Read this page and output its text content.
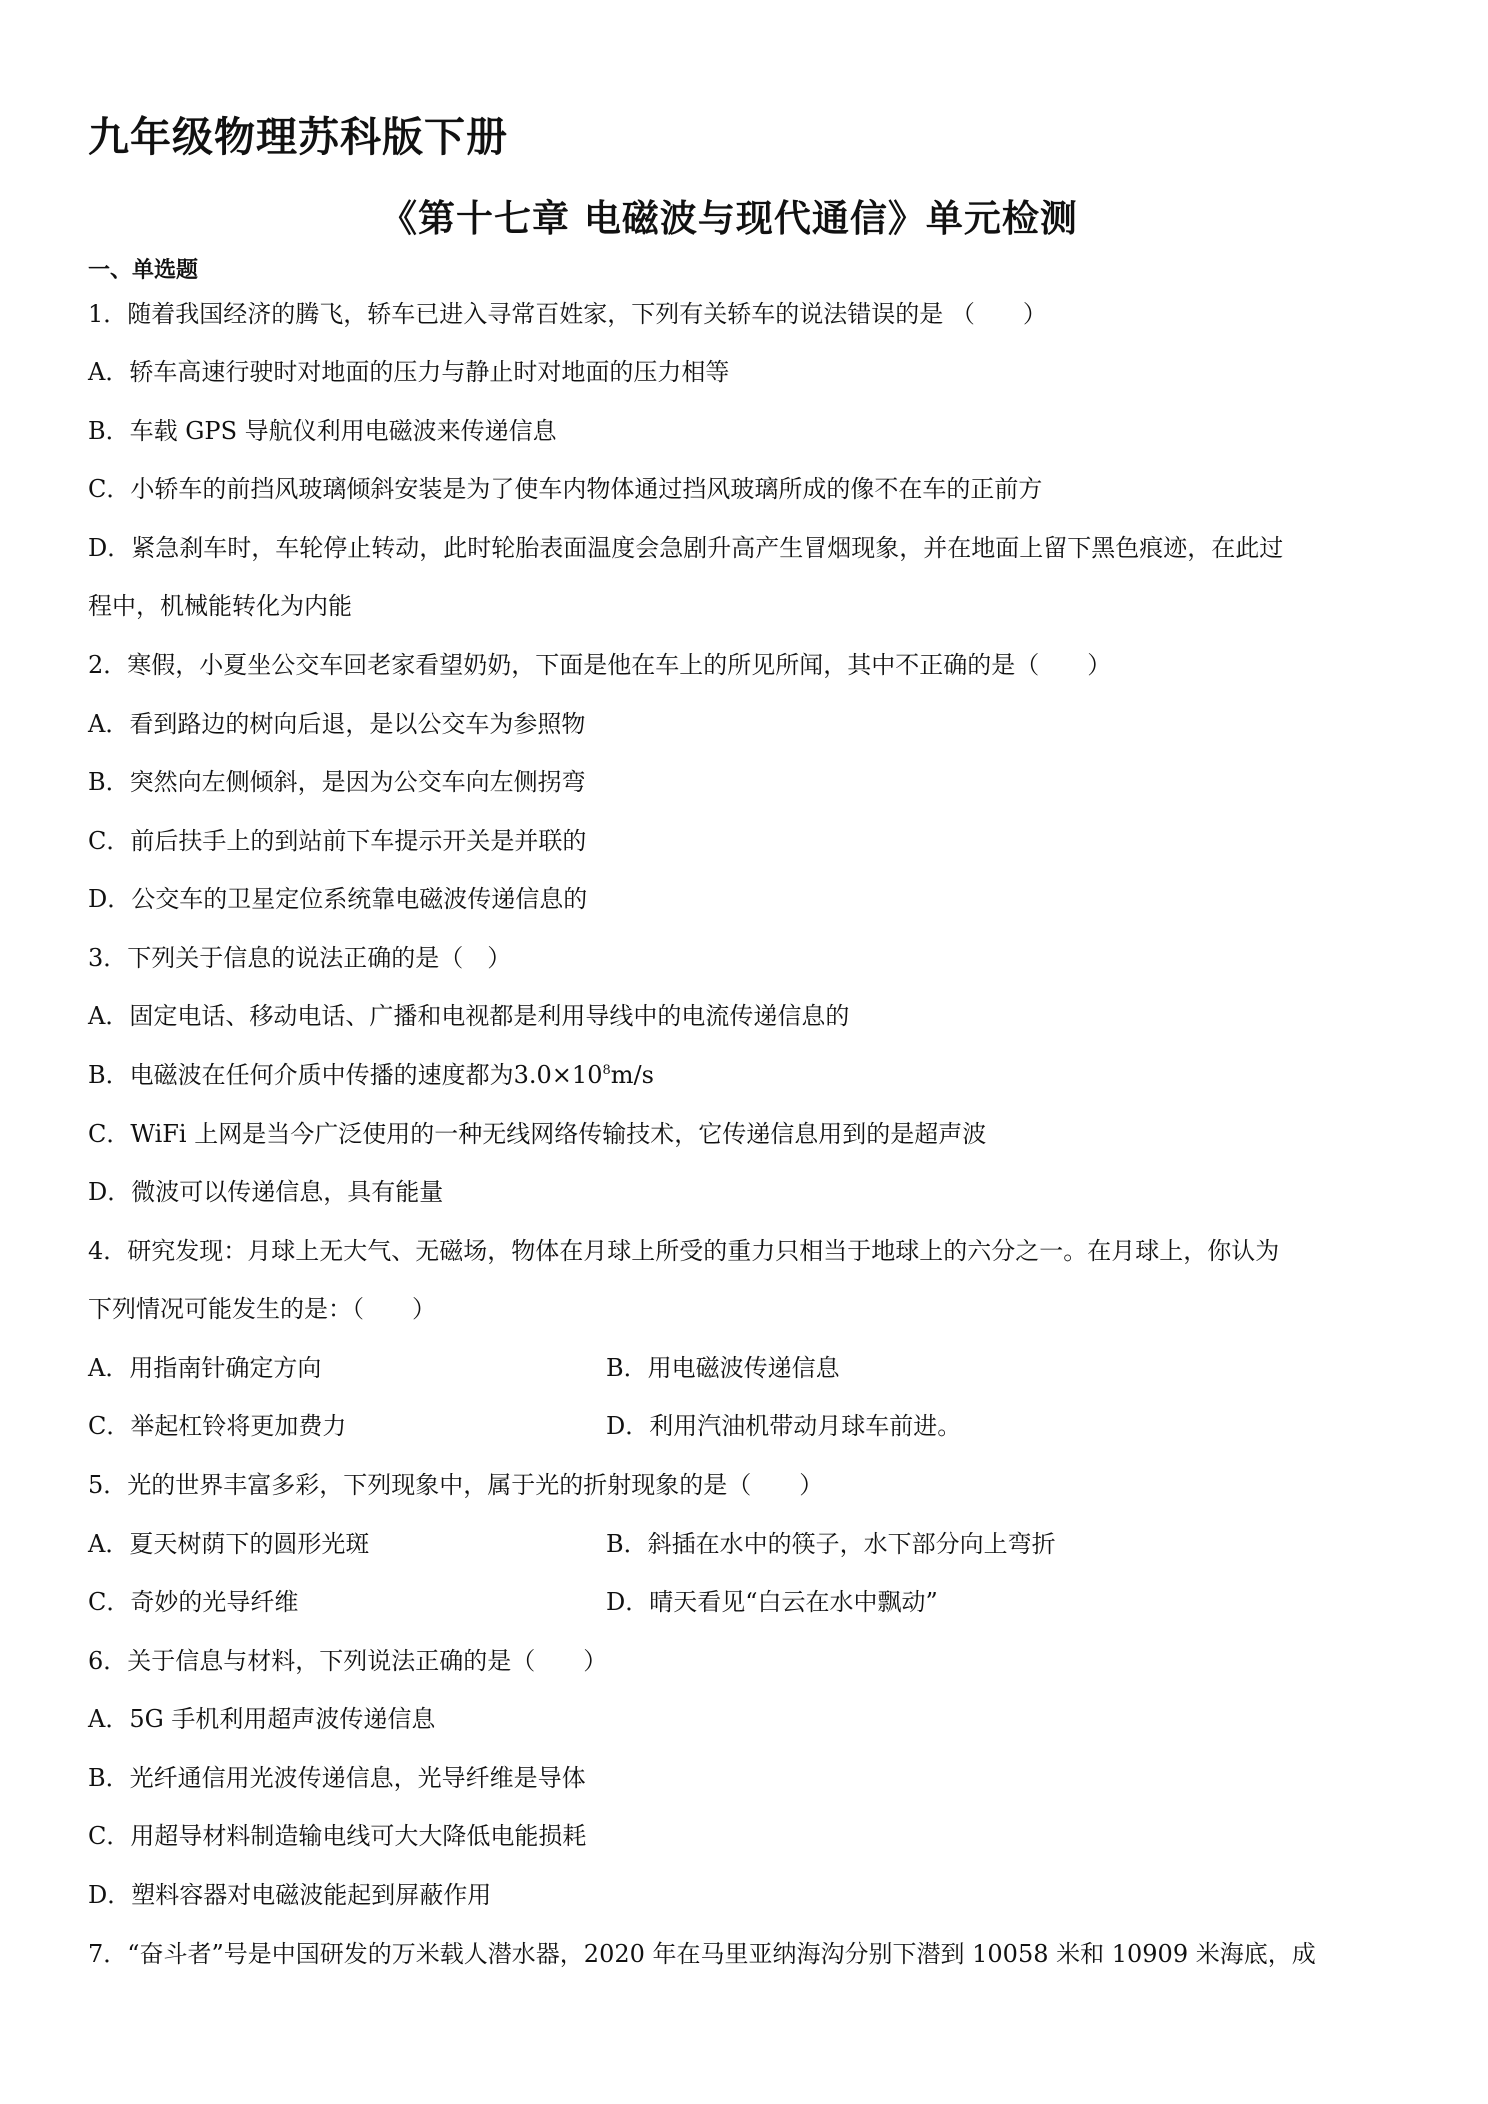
九年级物理苏科版下册
《第十七章 电磁波与现代通信》单元检测
一、单选题
1．随着我国经济的腾飞，轿车已进入寻常百姓家，下列有关轿车的说法错误的是 （　　）
A．轿车高速行驶时对地面的压力与静止时对地面的压力相等
B．车载 GPS 导航仪利用电磁波来传递信息
C．小轿车的前挡风玻璃倾斜安装是为了使车内物体通过挡风玻璃所成的像不在车的正前方
D．紧急刹车时，车轮停止转动，此时轮胎表面温度会急剧升高产生冒烟现象，并在地面上留下黑色痕迹，在此过
程中，机械能转化为内能
2．寒假，小夏坐公交车回老家看望奶奶，下面是他在车上的所见所闻，其中不正确的是（　　）
A．看到路边的树向后退，是以公交车为参照物
B．突然向左侧倾斜，是因为公交车向左侧拐弯
C．前后扶手上的到站前下车提示开关是并联的
D．公交车的卫星定位系统靠电磁波传递信息的
3．下列关于信息的说法正确的是（　）
A．固定电话、移动电话、广播和电视都是利用导线中的电流传递信息的
B．电磁波在任何介质中传播的速度都为$3.0\times 10^8m/s$
C．WiFi 上网是当今广泛使用的一种无线网络传输技术，它传递信息用到的是超声波
D．微波可以传递信息，具有能量
4．研究发现：月球上无大气、无磁场，物体在月球上所受的重力只相当于地球上的六分之一。在月球上，你认为
下列情况可能发生的是：（　　）
A．用指南针确定方向	B．用电磁波传递信息
C．举起杠铃将更加费力	D．利用汽油机带动月球车前进。
5．光的世界丰富多彩，下列现象中，属于光的折射现象的是（　　）
A．夏天树荫下的圆形光斑	B．斜插在水中的筷子，水下部分向上弯折
C．奇妙的光导纤维	D．晴天看见“白云在水中飘动”
6．关于信息与材料，下列说法正确的是（　　）
A．5G 手机利用超声波传递信息
B．光纤通信用光波传递信息，光导纤维是导体
C．用超导材料制造输电线可大大降低电能损耗
D．塑料容器对电磁波能起到屏蔽作用
7．“奋斗者”号是中国研发的万米载人潜水器，2020 年在马里亚纳海沟分别下潜到 10058 米和 10909 米海底，成
